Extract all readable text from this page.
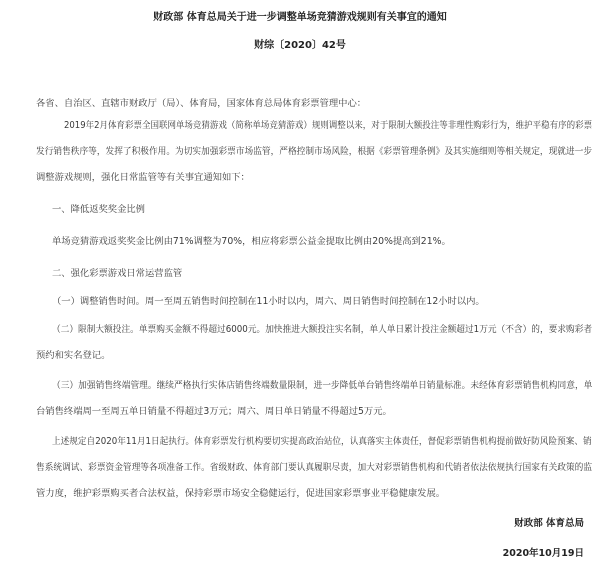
财政部 体育总局关于进一步调整单场竞猜游戏规则有关事宜的通知
财综〔2020〕42号
各省、自治区、直辖市财政厅（局）、体育局，国家体育总局体育彩票管理中心：
2019年2月体育彩票全国联网单场竞猜游戏（简称单场竞猜游戏）规则调整以来，对于限制大额投注等非理性购彩行为，维护平稳有序的彩票
发行销售秩序等，发挥了积极作用。为切实加强彩票市场监管，严格控制市场风险，根据《彩票管理条例》及其实施细则等相关规定，现就进一步
调整游戏规则，强化日常监管等有关事宜通知如下：
一、降低返奖奖金比例
单场竞猜游戏返奖奖金比例由71%调整为70%，相应将彩票公益金提取比例由20%提高到21%。
二、强化彩票游戏日常运营监管
（一）调整销售时间。周一至周五销售时间控制在11小时以内，周六、周日销售时间控制在12小时以内。
（二）限制大额投注。单票购买金额不得超过6000元。加快推进大额投注实名制，单人单日累计投注金额超过1万元（不含）的，要求购彩者
预约和实名登记。
（三）加强销售终端管理。继续严格执行实体店销售终端数量限制，进一步降低单台销售终端单日销量标准。未经体育彩票销售机构同意，单
台销售终端周一至周五单日销量不得超过3万元；周六、周日单日销量不得超过5万元。
上述规定自2020年11月1日起执行。体育彩票发行机构要切实提高政治站位，认真落实主体责任，督促彩票销售机构提前做好防风险预案、销
售系统调试、彩票资金管理等各项准备工作。省级财政、体育部门要认真履职尽责，加大对彩票销售机构和代销者依法依规执行国家有关政策的监
管力度，维护彩票购买者合法权益，保持彩票市场安全稳健运行，促进国家彩票事业平稳健康发展。
财政部 体育总局
2020年10月19日
